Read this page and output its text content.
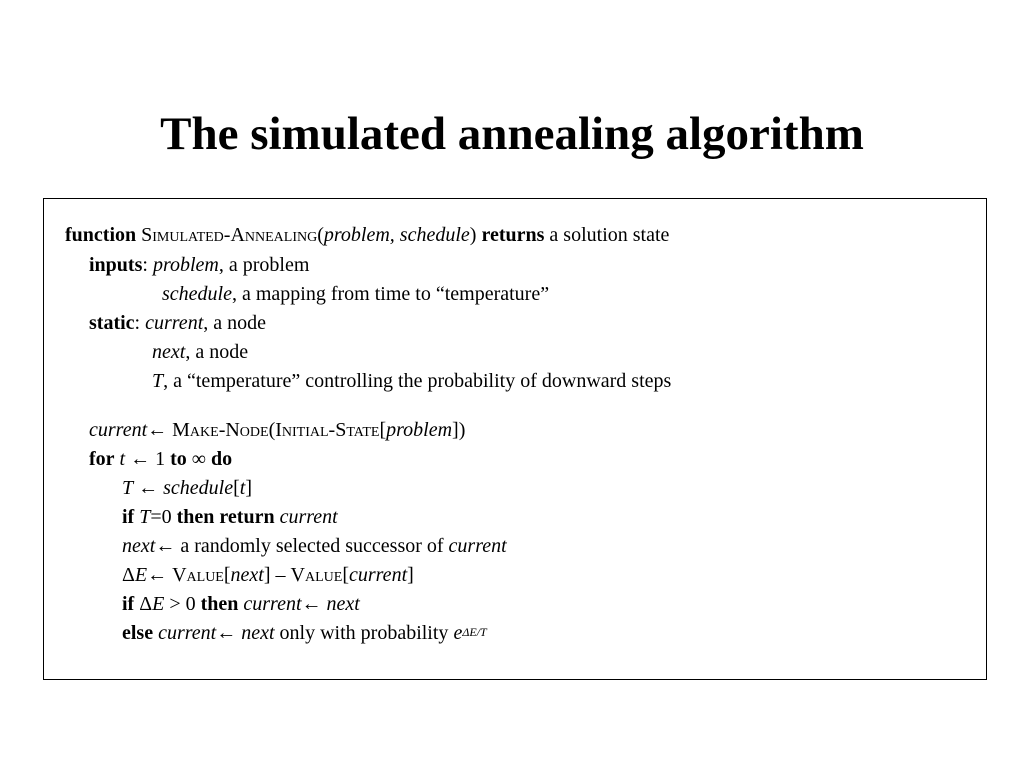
The simulated annealing algorithm
function Simulated-Annealing(problem, schedule) returns a solution state
inputs: problem, a problem
schedule, a mapping from time to “temperature”
static: current, a node
next, a node
T, a “temperature” controlling the probability of downward steps
current← Make-Node(Initial-State[problem])
for t ← 1 to ∞ do
T ← schedule[t]
if T=0 then return current
next← a randomly selected successor of current
ΔE← Value[next] – Value[current]
if ΔE > 0 then current← next
else current← next only with probability $e^{\Delta E/T}$
